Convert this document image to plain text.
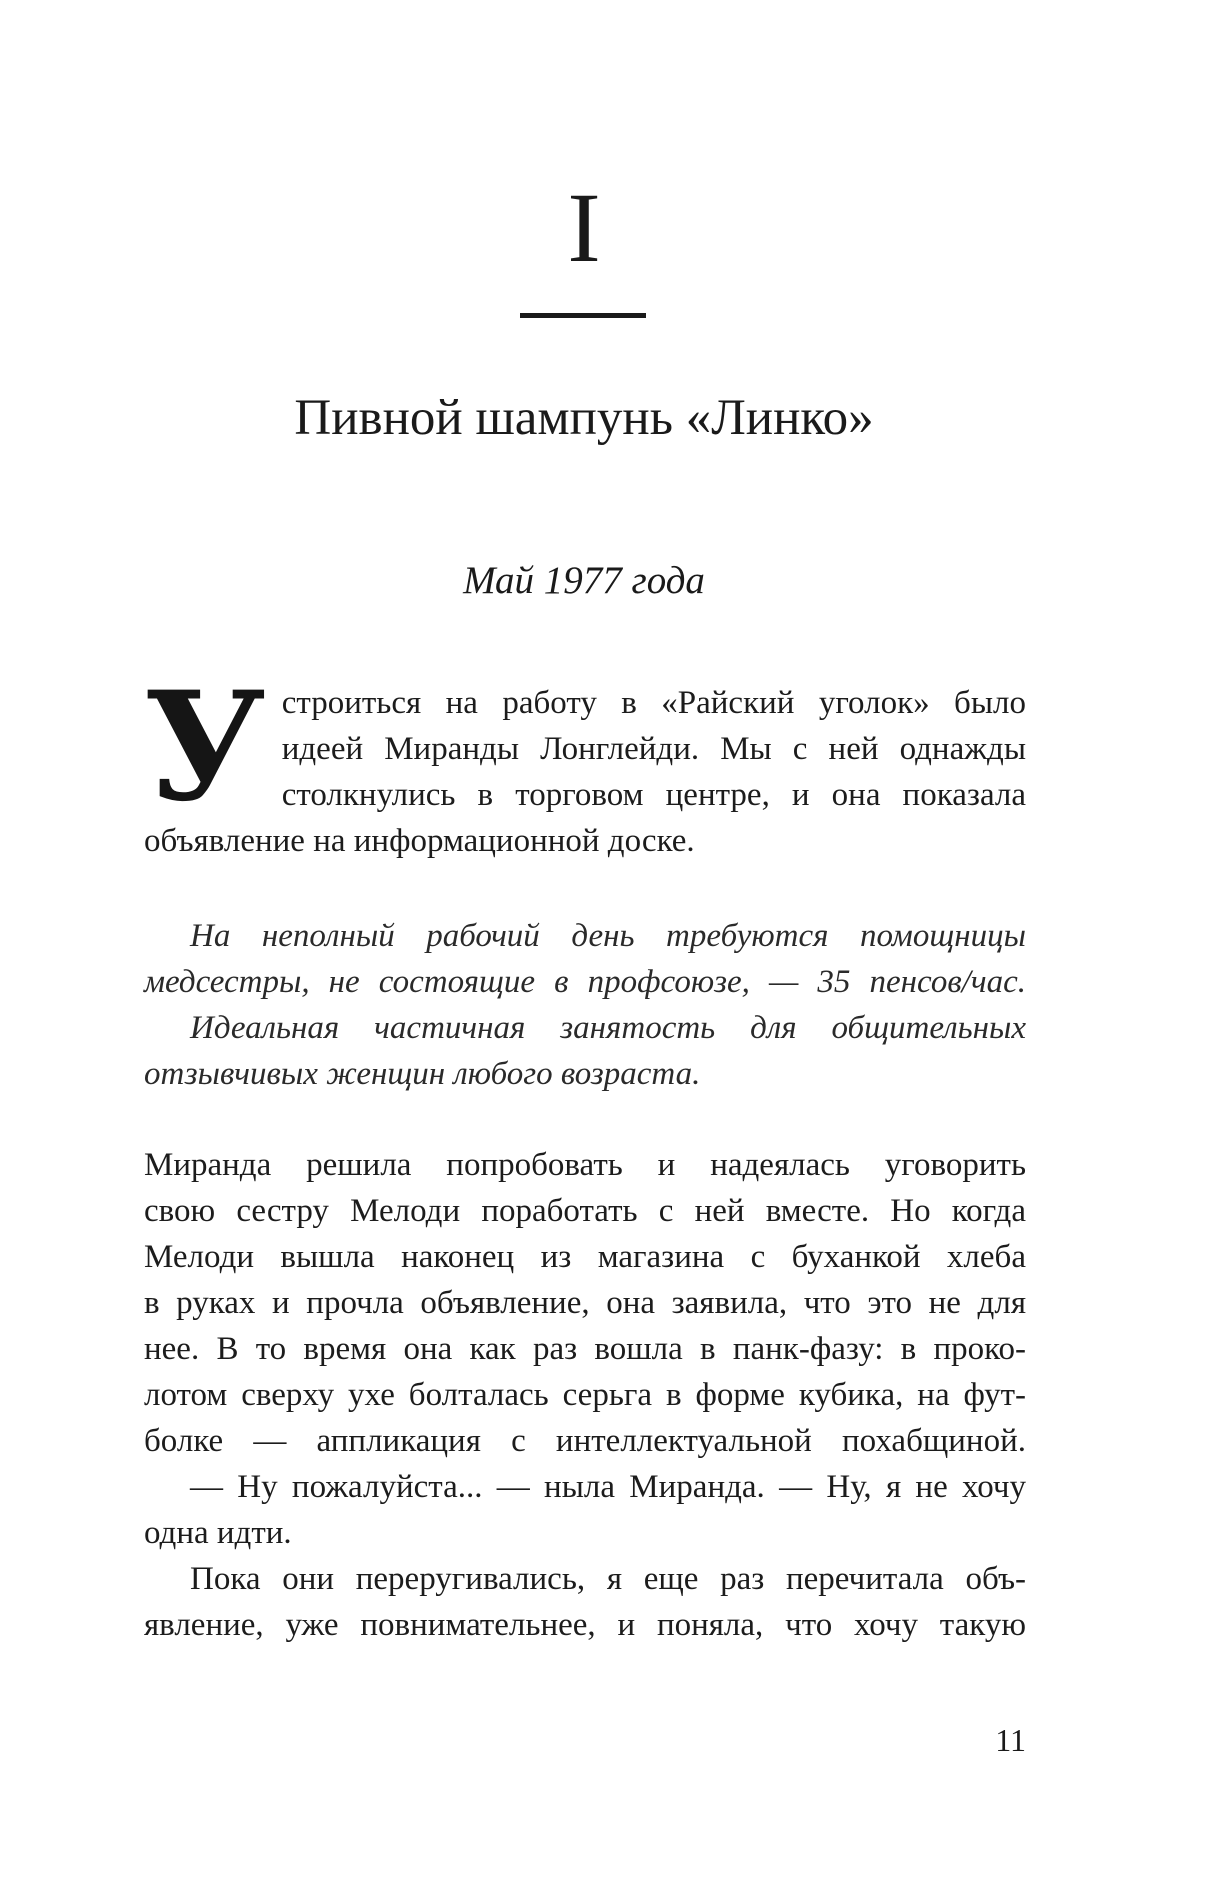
I
Пивной шампунь «Линко»
Май 1977 года
У строиться на работу в «Райский уголок» было
идеей Миранды Лонглейди. Мы с ней однажды
столкнулись в торговом центре, и она показала
объявление на информационной доске.
На неполный рабочий день требуются помощницы
медсестры, не состоящие в профсоюзе, — 35 пенсов/час.
Идеальная частичная занятость для общительных
отзывчивых женщин любого возраста.
Миранда решила попробовать и надеялась уговорить
свою сестру Мелоди поработать с ней вместе. Но когда
Мелоди вышла наконец из магазина с буханкой хлеба
в руках и прочла объявление, она заявила, что это не для
нее. В то время она как раз вошла в панк-фазу: в проко-
лотом сверху ухе болталась серьга в форме кубика, на фут-
болке — аппликация с интеллектуальной похабщиной.
— Ну пожалуйста... — ныла Миранда. — Ну, я не хочу
одна идти.
Пока они переругивались, я еще раз перечитала объ-
явление, уже повнимательнее, и поняла, что хочу такую
11
